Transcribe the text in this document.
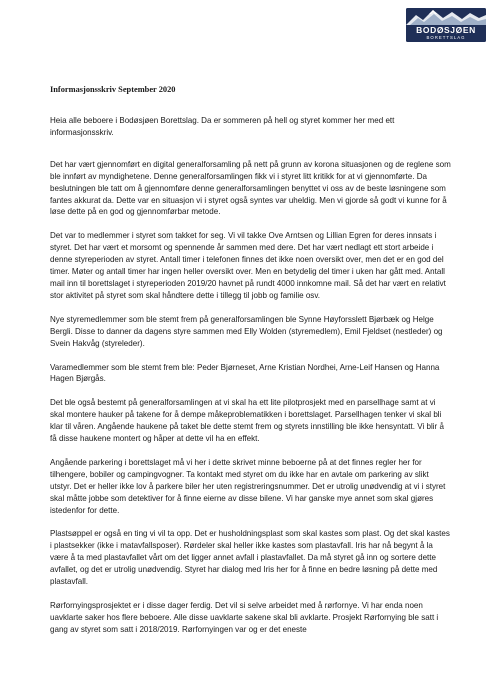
BODØSJØEN
BORETTSLAG
Informasjonsskriv September 2020

Heia alle beboere i Bodøsjøen Borettslag. Da er sommeren på hell og styret kommer her med ett informasjonsskriv.

Det har vært gjennomført en digital generalforsamling på nett på grunn av korona situasjonen og de reglene som ble innført av myndighetene. Denne generalforsamlingen fikk vi i styret litt kritikk for at vi gjennomførte. Da beslutningen ble tatt om å gjennomføre denne generalforsamlingen benyttet vi oss av de beste løsningene som fantes akkurat da. Dette var en situasjon vi i styret også syntes var uheldig. Men vi gjorde så godt vi kunne for å løse dette på en god og gjennomførbar metode.

Det var to medlemmer i styret som takket for seg. Vi vil takke Ove Arntsen og Lillian Egren for deres innsats i styret. Det har vært et morsomt og spennende år sammen med dere. Det har vært nedlagt ett stort arbeide i denne styreperioden av styret. Antall timer i telefonen finnes det ikke noen oversikt over, men det er en god del timer. Møter og antall timer har ingen heller oversikt over. Men en betydelig del timer i uken har gått med. Antall mail inn til borettslaget i styreperioden 2019/20 havnet på rundt 4000 innkomne mail. Så det har vært en relativt stor aktivitet på styret som skal håndtere dette i tillegg til jobb og familie osv.

Nye styremedlemmer som ble stemt frem på generalforsamlingen ble Synne Høyforsslett Bjørbæk og Helge Bergli. Disse to danner da dagens styre sammen med Elly Wolden (styremedlem), Emil Fjeldset (nestleder) og Svein Hakvåg (styreleder).

Varamedlemmer som ble stemt frem ble: Peder Bjørneset, Arne Kristian Nordhei, Arne-Leif Hansen og Hanna Hagen Bjørgås.

Det ble også bestemt på generalforsamlingen at vi skal ha ett lite pilotprosjekt med en parsellhage samt at vi skal montere hauker på takene for å dempe måkeproblematikken i borettslaget. Parsellhagen tenker vi skal bli klar til våren. Angående haukene på taket ble dette stemt frem og styrets innstilling ble ikke hensyntatt. Vi blir å få disse haukene montert og håper at dette vil ha en effekt.

Angående parkering i borettslaget må vi her i dette skrivet minne beboerne på at det finnes regler her for tilhengere, bobiler og campingvogner. Ta kontakt med styret om du ikke har en avtale om parkering av slikt utstyr. Det er heller ikke lov å parkere biler her uten registreringsnummer. Det er utrolig unødvendig at vi i styret skal måtte jobbe som detektiver for å finne eierne av disse bilene. Vi har ganske mye annet som skal gjøres istedenfor for dette.

Plastsøppel er også en ting vi vil ta opp. Det er husholdningsplast som skal kastes som plast. Og det skal kastes i plastsekker (ikke i matavfallsposer). Rørdeler skal heller ikke kastes som plastavfall. Iris har nå begynt å la være å ta med plastavfallet vårt om det ligger annet avfall i plastavfallet. Da må styret gå inn og sortere dette avfallet, og det er utrolig unødvendig. Styret har dialog med Iris her for å finne en bedre løsning på dette med plastavfall.

Rørfornyingsprosjektet er i disse dager ferdig. Det vil si selve arbeidet med å rørfornye. Vi har enda noen uavklarte saker hos flere beboere. Alle disse uavklarte sakene skal bli avklarte. Prosjekt Rørfornying ble satt i gang av styret som satt i 2018/2019. Rørfornyingen var og er det eneste
